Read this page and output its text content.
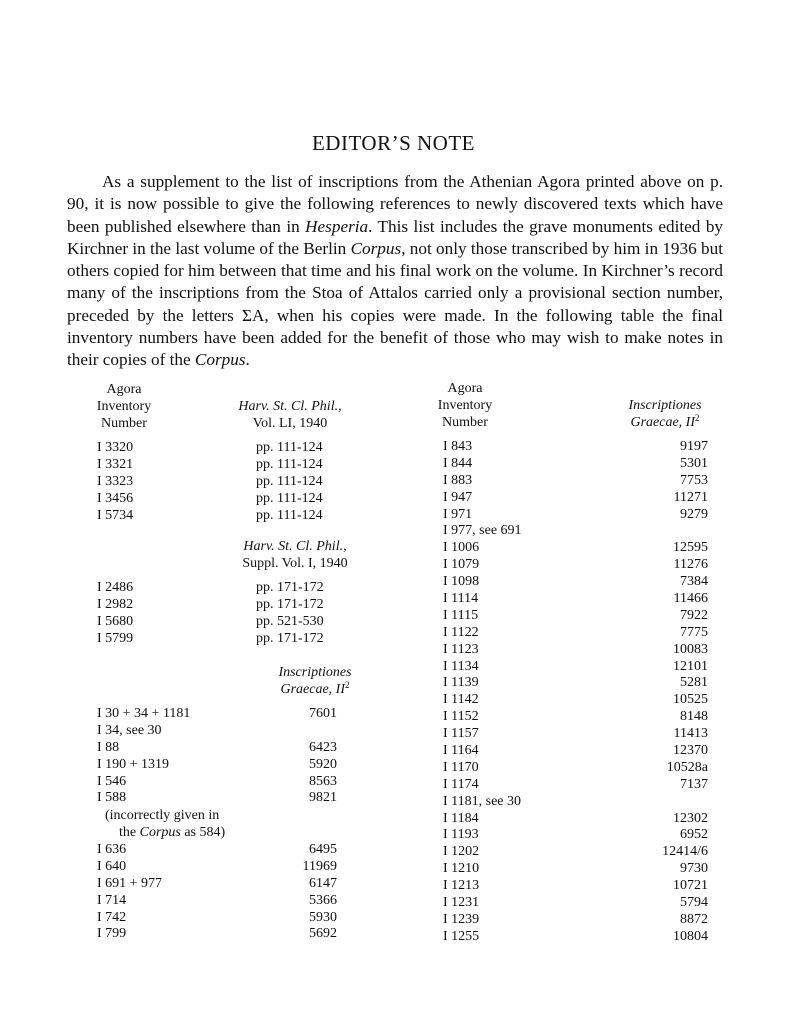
EDITOR’S NOTE

As a supplement to the list of inscriptions from the Athenian Agora printed above on p. 90, it is now possible to give the following references to newly discovered texts which have been published elsewhere than in Hesperia. This list includes the grave monuments edited by Kirchner in the last volume of the Berlin Corpus, not only those transcribed by him in 1936 but others copied for him between that time and his final work on the volume. In Kirchner’s record many of the inscriptions from the Stoa of Attalos carried only a provisional section number, preceded by the letters ΣΑ, when his copies were made. In the following table the final inventory numbers have been added for the benefit of those who may wish to make notes in their copies of the Corpus.

Agora
Inventory
Number
Harv. St. Cl. Phil.,
Vol. LI, 1940
I 3320	pp. 111-124
I 3321	pp. 111-124
I 3323	pp. 111-124
I 3456	pp. 111-124
I 5734	pp. 111-124
Harv. St. Cl. Phil.,
Suppl. Vol. I, 1940
I 2486	pp. 171-172
I 2982	pp. 171-172
I 5680	pp. 521-530
I 5799	pp. 171-172
Inscriptiones
Graecae, $II^2$
I 30 + 34 + 1181	7601
I 34, see 30
I 88	6423
I 190 + 1319	5920
I 546	8563
I 588	9821
(incorrectly given in
the Corpus as 584)
I 636	6495
I 640	11969
I 691 + 977	6147
I 714	5366
I 742	5930
I 799	5692
Agora
Inventory
Number
Inscriptiones
Graecae, $II^2$
I 843	9197
I 844	5301
I 883	7753
I 947	11271
I 971	9279
I 977, see 691
I 1006	12595
I 1079	11276
I 1098	7384
I 1114	11466
I 1115	7922
I 1122	7775
I 1123	10083
I 1134	12101
I 1139	5281
I 1142	10525
I 1152	8148
I 1157	11413
I 1164	12370
I 1170	10528a
I 1174	7137
I 1181, see 30
I 1184	12302
I 1193	6952
I 1202	12414/6
I 1210	9730
I 1213	10721
I 1231	5794
I 1239	8872
I 1255	10804
